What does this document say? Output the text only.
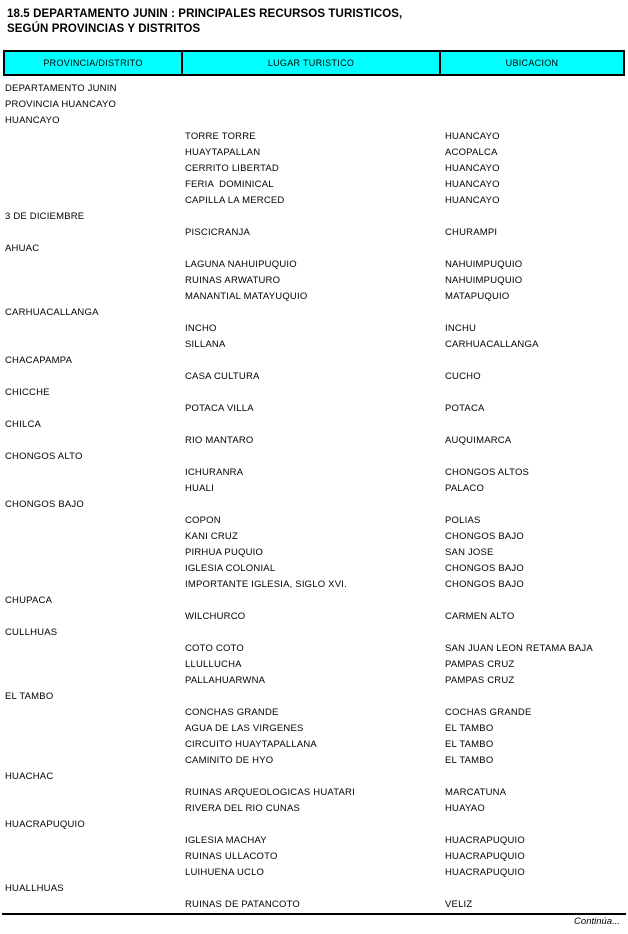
18.5 DEPARTAMENTO JUNIN : PRINCIPALES RECURSOS TURISTICOS,
SEGÚN PROVINCIAS Y DISTRITOS
PROVINCIA/DISTRITO	LUGAR TURISTICO	UBICACION
DEPARTAMENTO JUNIN
PROVINCIA HUANCAYO
HUANCAYO
TORRE TORRE	HUANCAYO
HUAYTAPALLAN	ACOPALCA
CERRITO LIBERTAD	HUANCAYO
FERIA  DOMINICAL	HUANCAYO
CAPILLA LA MERCED	HUANCAYO
3 DE DICIEMBRE
PISCICRANJA	CHURAMPI
AHUAC
LAGUNA NAHUIPUQUIO	NAHUIMPUQUIO
RUINAS ARWATURO	NAHUIMPUQUIO
MANANTIAL MATAYUQUIO	MATAPUQUIO
CARHUACALLANGA
INCHO	INCHU
SILLANA	CARHUACALLANGA
CHACAPAMPA
CASA CULTURA	CUCHO
CHICCHE
POTACA VILLA	POTACA
CHILCA
RIO MANTARO	AUQUIMARCA
CHONGOS ALTO
ICHURANRA	CHONGOS ALTOS
HUALI	PALACO
CHONGOS BAJO
COPON	POLIAS
KANI CRUZ	CHONGOS BAJO
PIRHUA PUQUIO	SAN JOSE
IGLESIA COLONIAL	CHONGOS BAJO
IMPORTANTE IGLESIA, SIGLO XVI.	CHONGOS BAJO
CHUPACA
WILCHURCO	CARMEN ALTO
CULLHUAS
COTO COTO	SAN JUAN LEON RETAMA BAJA
LLULLUCHA	PAMPAS CRUZ
PALLAHUARWNA	PAMPAS CRUZ
EL TAMBO
CONCHAS GRANDE	COCHAS GRANDE
AGUA DE LAS VIRGENES	EL TAMBO
CIRCUITO HUAYTAPALLANA	EL TAMBO
CAMINITO DE HYO	EL TAMBO
HUACHAC
RUINAS ARQUEOLOGICAS HUATARI	MARCATUNA
RIVERA DEL RIO CUNAS	HUAYAO
HUACRAPUQUIO
IGLESIA MACHAY	HUACRAPUQUIO
RUINAS ULLACOTO	HUACRAPUQUIO
LUIHUENA UCLO	HUACRAPUQUIO
HUALLHUAS
RUINAS DE PATANCOTO	VELIZ
Continúa...
